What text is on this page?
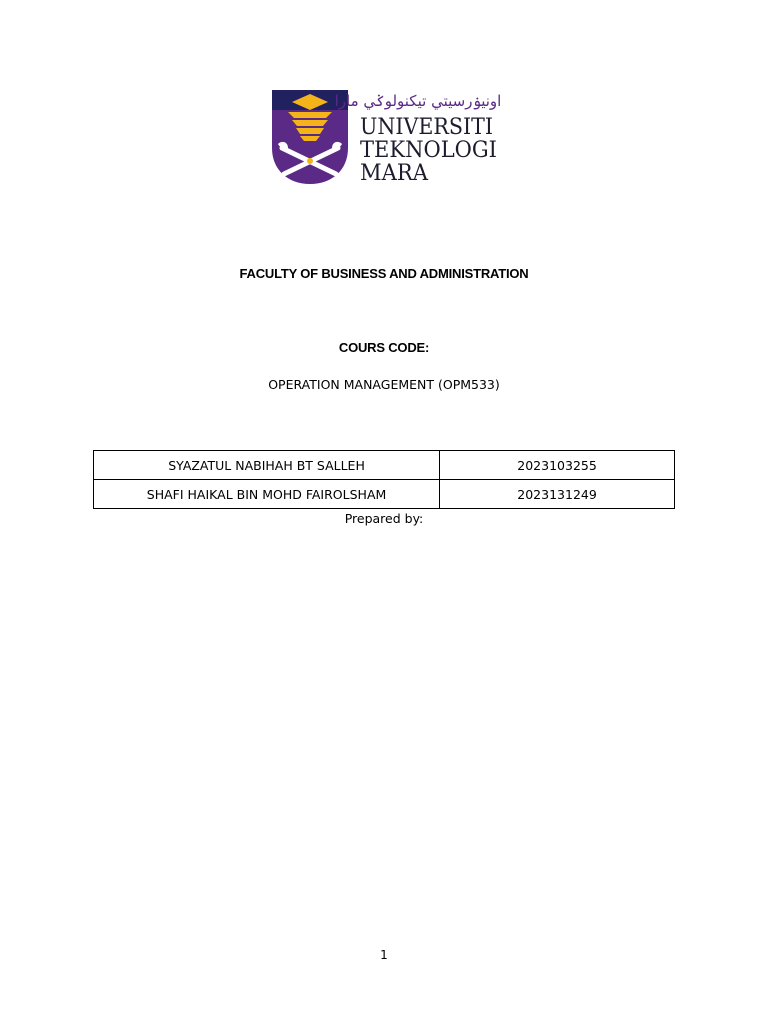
اونيۏرسيتي تيكنولوݢي مارا
UNIVERSITI
TEKNOLOGI
MARA
FACULTY OF BUSINESS AND ADMINISTRATION
COURS CODE:
OPERATION MANAGEMENT (OPM533)
SYAZATUL NABIHAH BT SALLEH	2023103255
SHAFI HAIKAL BIN MOHD FAIROLSHAM	2023131249
Prepared by:
1
